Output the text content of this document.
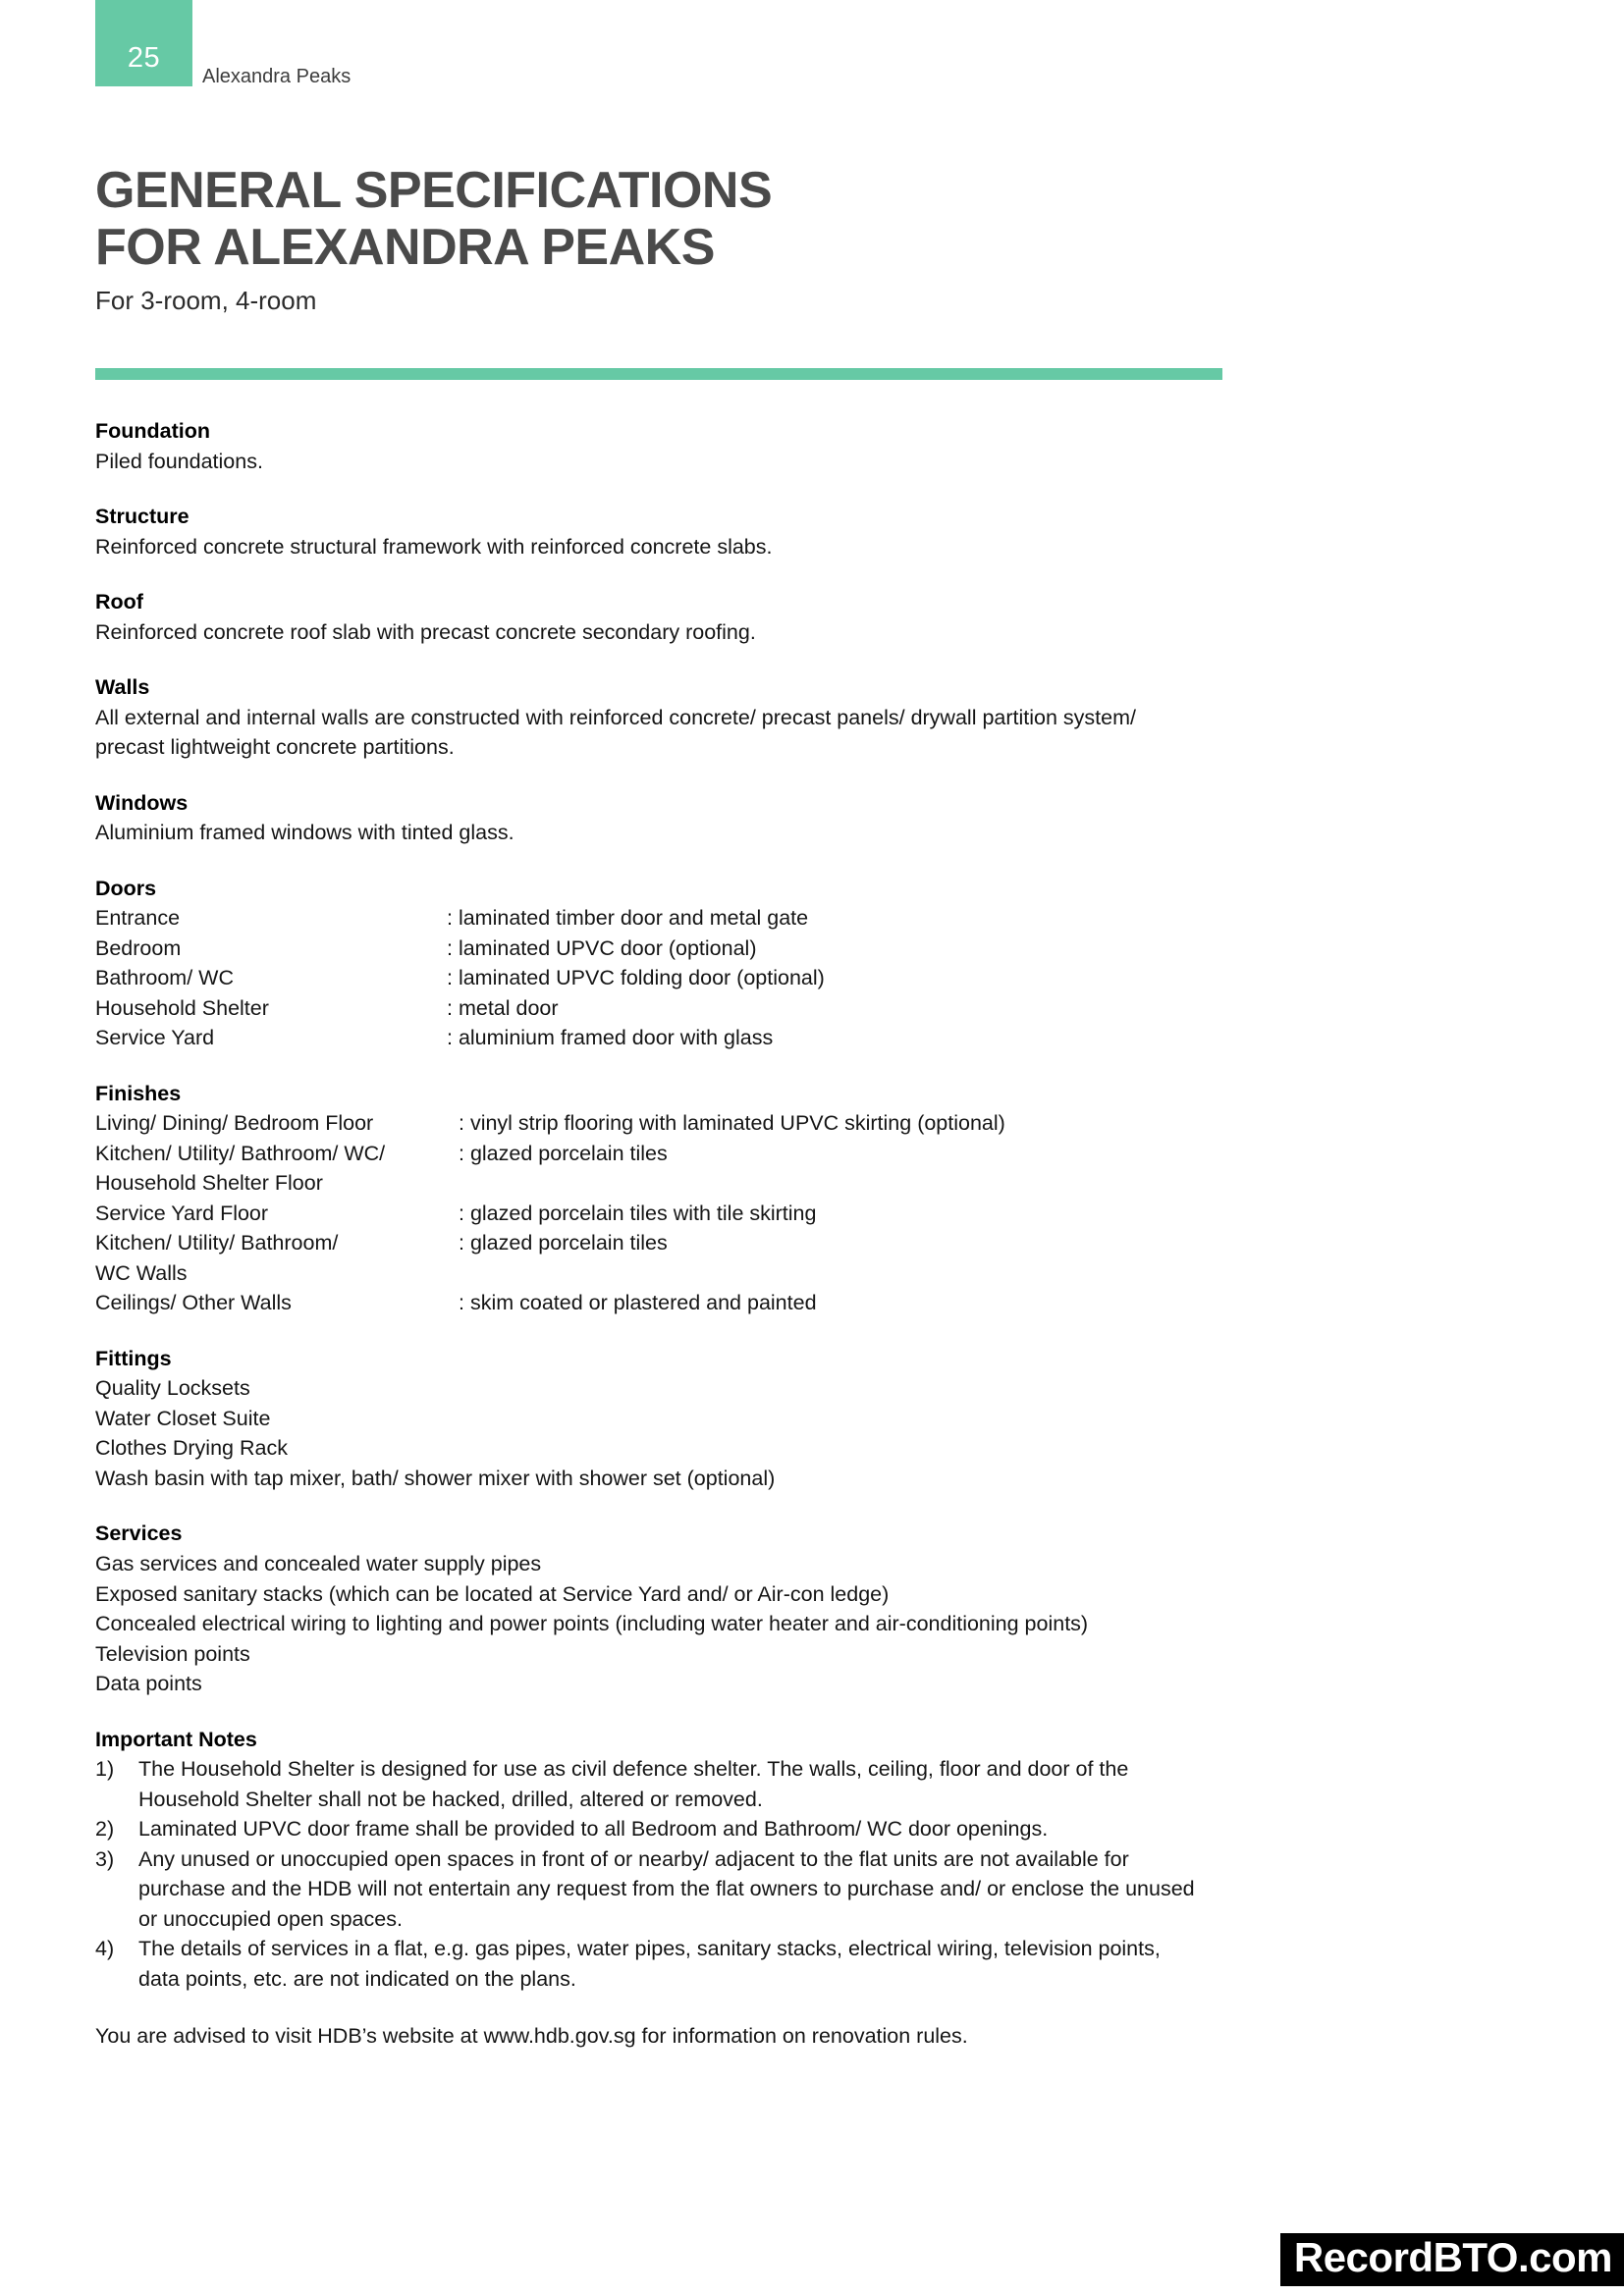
25
Alexandra Peaks
GENERAL SPECIFICATIONS
FOR ALEXANDRA PEAKS
For 3-room, 4-room
Foundation
Piled foundations.
Structure
Reinforced concrete structural framework with reinforced concrete slabs.
Roof
Reinforced concrete roof slab with precast concrete secondary roofing.
Walls
All external and internal walls are constructed with reinforced concrete/ precast panels/ drywall partition system/
precast lightweight concrete partitions.
Windows
Aluminium framed windows with tinted glass.
Doors
Entrance	: laminated timber door and metal gate
Bedroom	: laminated UPVC door (optional)
Bathroom/ WC	: laminated UPVC folding door (optional)
Household Shelter	: metal door
Service Yard	: aluminium framed door with glass
Finishes
Living/ Dining/ Bedroom Floor	: vinyl strip flooring with laminated UPVC skirting (optional)
Kitchen/ Utility/ Bathroom/ WC/	: glazed porcelain tiles
Household Shelter Floor
Service Yard Floor	: glazed porcelain tiles with tile skirting
Kitchen/ Utility/ Bathroom/	: glazed porcelain tiles
WC Walls
Ceilings/ Other Walls	: skim coated or plastered and painted
Fittings
Quality Locksets
Water Closet Suite
Clothes Drying Rack
Wash basin with tap mixer, bath/ shower mixer with shower set (optional)
Services
Gas services and concealed water supply pipes
Exposed sanitary stacks (which can be located at Service Yard and/ or Air-con ledge)
Concealed electrical wiring to lighting and power points (including water heater and air-conditioning points)
Television points
Data points
Important Notes
1)	The Household Shelter is designed for use as civil defence shelter. The walls, ceiling, floor and door of the
Household Shelter shall not be hacked, drilled, altered or removed.
2)	Laminated UPVC door frame shall be provided to all Bedroom and Bathroom/ WC door openings.
3)	Any unused or unoccupied open spaces in front of or nearby/ adjacent to the flat units are not available for
purchase and the HDB will not entertain any request from the flat owners to purchase and/ or enclose the unused
or unoccupied open spaces.
4)	The details of services in a flat, e.g. gas pipes, water pipes, sanitary stacks, electrical wiring, television points,
data points, etc. are not indicated on the plans.
You are advised to visit HDB’s website at www.hdb.gov.sg for information on renovation rules.
RecordBTO.com
